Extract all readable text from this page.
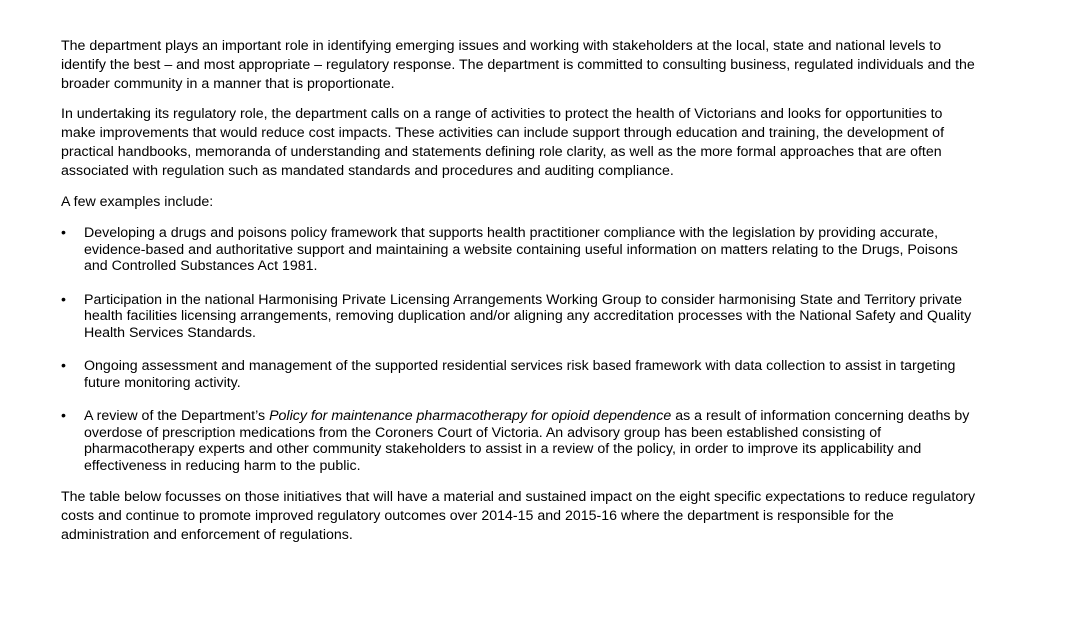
The department plays an important role in identifying emerging issues and working with stakeholders at the local, state and national levels to identify the best – and most appropriate – regulatory response. The department is committed to consulting business, regulated individuals and the broader community in a manner that is proportionate.

In undertaking its regulatory role, the department calls on a range of activities to protect the health of Victorians and looks for opportunities to make improvements that would reduce cost impacts. These activities can include support through education and training, the development of practical handbooks, memoranda of understanding and statements defining role clarity, as well as the more formal approaches that are often associated with regulation such as mandated standards and procedures and auditing compliance.

A few examples include:

•	Developing a drugs and poisons policy framework that supports health practitioner compliance with the legislation by providing accurate, evidence-based and authoritative support and maintaining a website containing useful information on matters relating to the Drugs, Poisons and Controlled Substances Act 1981.
•	Participation in the national Harmonising Private Licensing Arrangements Working Group to consider harmonising State and Territory private health facilities licensing arrangements, removing duplication and/or aligning any accreditation processes with the National Safety and Quality Health Services Standards.
•	Ongoing assessment and management of the supported residential services risk based framework with data collection to assist in targeting future monitoring activity.
•	A review of the Department’s Policy for maintenance pharmacotherapy for opioid dependence as a result of information concerning deaths by overdose of prescription medications from the Coroners Court of Victoria. An advisory group has been established consisting of pharmacotherapy experts and other community stakeholders to assist in a review of the policy, in order to improve its applicability and effectiveness in reducing harm to the public.

The table below focusses on those initiatives that will have a material and sustained impact on the eight specific expectations to reduce regulatory costs and continue to promote improved regulatory outcomes over 2014-15 and 2015-16 where the department is responsible for the administration and enforcement of regulations.
